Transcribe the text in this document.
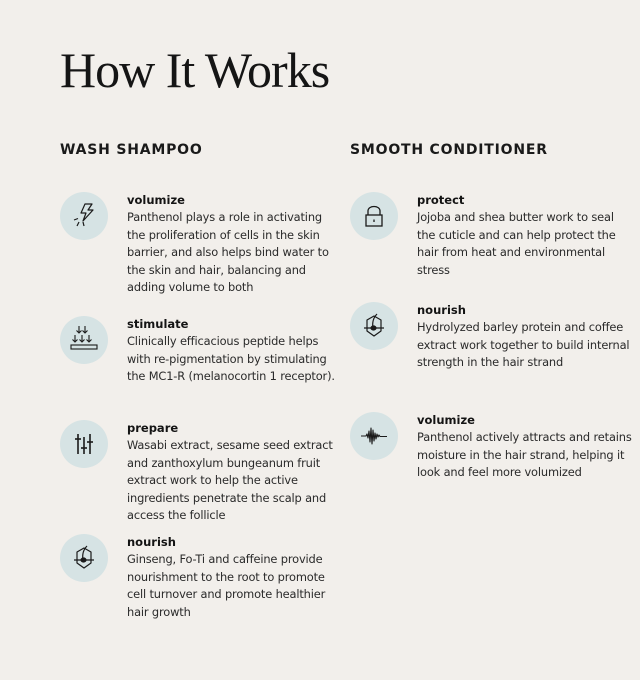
How It Works
WASH SHAMPOO

volumize

Panthenol plays a role in activating the proliferation of cells in the skin barrier, and also helps bind water to the skin and hair, balancing and adding volume to both

stimulate

Clinically efficacious peptide helps with re-pigmentation by stimulating the MC1-R (melanocortin 1 receptor).

prepare

Wasabi extract, sesame seed extract and zanthoxylum bungeanum fruit extract work to help the active ingredients penetrate the scalp and access the follicle

nourish

Ginseng, Fo-Ti and caffeine provide nourishment to the root to promote cell turnover and promote healthier hair growth

SMOOTH CONDITIONER

protect

Jojoba and shea butter work to seal the cuticle and can help protect the hair from heat and environmental stress

nourish

Hydrolyzed barley protein and coffee extract work together to build internal strength in the hair strand

volumize

Panthenol actively attracts and retains moisture in the hair strand, helping it look and feel more volumized
